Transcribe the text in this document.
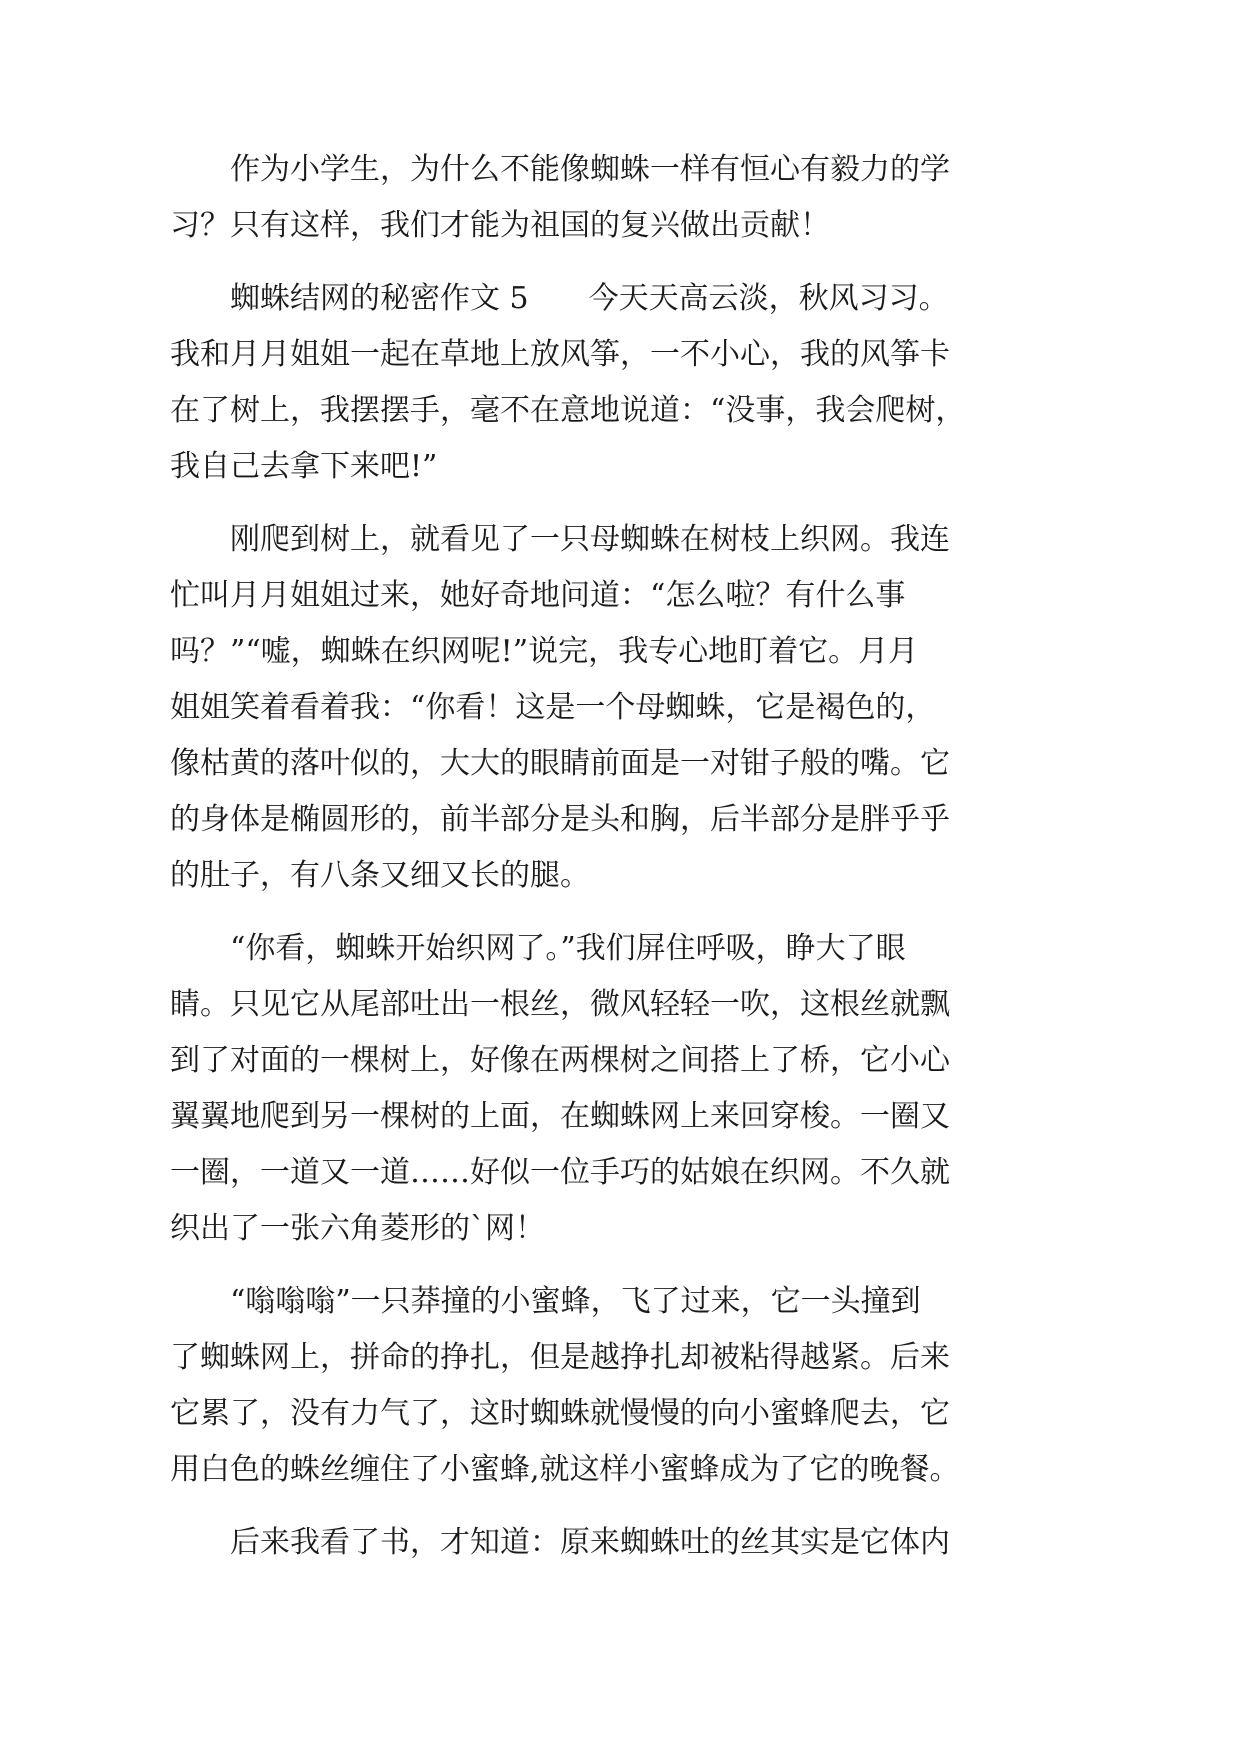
作为小学生，为什么不能像蜘蛛一样有恒心有毅力的学
习？只有这样，我们才能为祖国的复兴做出贡献！
蜘蛛结网的秘密作文 5　　今天天高云淡，秋风习习。
我和月月姐姐一起在草地上放风筝，一不小心，我的风筝卡
在了树上，我摆摆手，毫不在意地说道：“没事，我会爬树，
我自己去拿下来吧!”
刚爬到树上，就看见了一只母蜘蛛在树枝上织网。我连
忙叫月月姐姐过来，她好奇地问道：“怎么啦？有什么事
吗？”“嘘，蜘蛛在织网呢!”说完，我专心地盯着它。月月
姐姐笑着看着我：“你看！这是一个母蜘蛛，它是褐色的，
像枯黄的落叶似的，大大的眼睛前面是一对钳子般的嘴。它
的身体是椭圆形的，前半部分是头和胸，后半部分是胖乎乎
的肚子，有八条又细又长的腿。
“你看，蜘蛛开始织网了。”我们屏住呼吸，睁大了眼
睛。只见它从尾部吐出一根丝，微风轻轻一吹，这根丝就飘
到了对面的一棵树上，好像在两棵树之间搭上了桥，它小心
翼翼地爬到另一棵树的上面，在蜘蛛网上来回穿梭。一圈又
一圈，一道又一道……好似一位手巧的姑娘在织网。不久就
织出了一张六角菱形的`网！
“嗡嗡嗡”一只莽撞的小蜜蜂，飞了过来，它一头撞到
了蜘蛛网上，拼命的挣扎，但是越挣扎却被粘得越紧。后来
它累了，没有力气了，这时蜘蛛就慢慢的向小蜜蜂爬去，它
用白色的蛛丝缠住了小蜜蜂,就这样小蜜蜂成为了它的晚餐。
后来我看了书，才知道：原来蜘蛛吐的丝其实是它体内
